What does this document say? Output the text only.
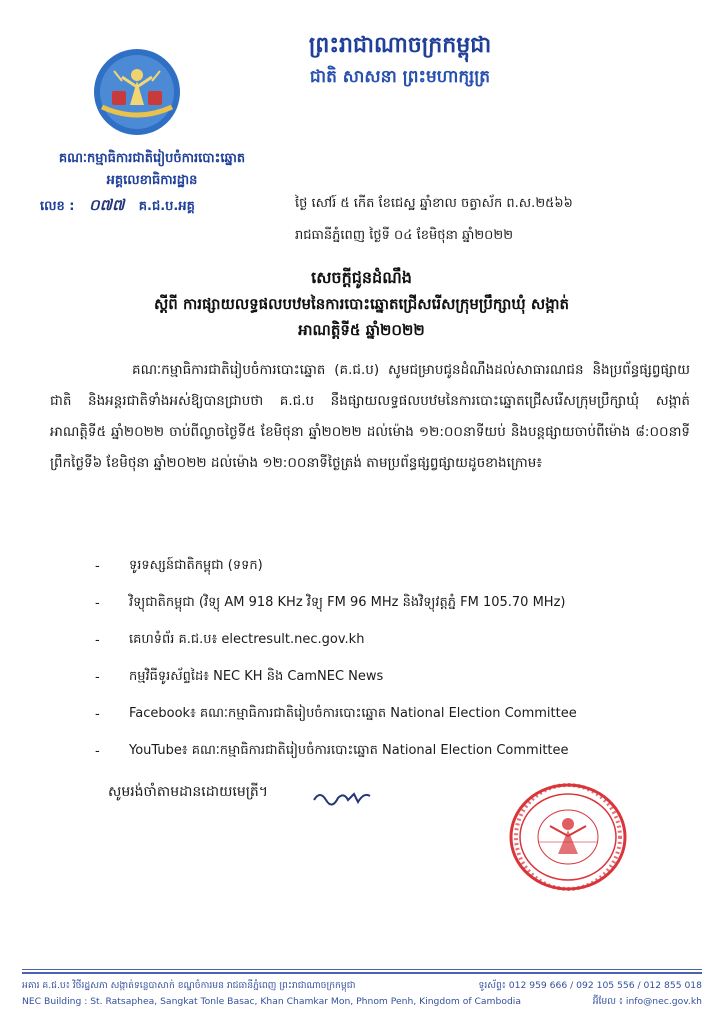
ព្រះរាជាណាចក្រកម្ពុជា
ជាតិ សាសនា ព្រះមហាក្សត្រ
គណៈកម្មាធិការជាតិរៀបចំការបោះឆ្នោត
អគ្គលេខាធិការដ្ឋាន
លេខ : ០៧៧ គ.ជ.ប.អគ្គ	ថ្ងៃ សៅរ៍ ៥ កើត ខែជេស្ឋ ឆ្នាំខាល ចត្វាស័ក ព.ស.២៥៦៦
រាជធានីភ្នំពេញ ថ្ងៃទី ០៤ ខែមិថុនា ឆ្នាំ២០២២
សេចក្តីជូនដំណឹង
ស្តីពី ការផ្សាយលទ្ធផលបឋមនៃការបោះឆ្នោតជ្រើសរើសក្រុមប្រឹក្សាឃុំ សង្កាត់
អាណត្តិទី៥ ឆ្នាំ២០២២
គណៈកម្មាធិការជាតិរៀបចំការបោះឆ្នោត (គ.ជ.ប) សូមជម្រាបជូនដំណឹងដល់សាធារណជន និងប្រព័ន្ធផ្សព្វផ្សាយជាតិ និងអន្តរជាតិទាំងអស់ឱ្យបានជ្រាបថា គ.ជ.ប នឹងផ្សាយលទ្ធផលបឋមនៃការបោះឆ្នោតជ្រើសរើសក្រុមប្រឹក្សាឃុំ សង្កាត់ អាណត្តិទី៥ ឆ្នាំ២០២២ ចាប់ពីល្ងាចថ្ងៃទី៥ ខែមិថុនា ឆ្នាំ២០២២ ដល់ម៉ោង ១២:០០នាទីយប់ និងបន្តផ្សាយចាប់ពីម៉ោង ៨:០០នាទីព្រឹកថ្ងៃទី៦ ខែមិថុនា ឆ្នាំ២០២២ ដល់ម៉ោង ១២:០០នាទីថ្ងៃត្រង់ តាមប្រព័ន្ធផ្សព្វផ្សាយដូចខាងក្រោម៖
-	ទូរទស្សន៍ជាតិកម្ពុជា (ទទក)
-	វិទ្យុជាតិកម្ពុជា (វិទ្យុ AM 918 KHz វិទ្យុ FM 96 MHz និងវិទ្យុវត្តភ្នំ FM 105.70 MHz)
-	គេហទំព័រ គ.ជ.ប៖ electresult.nec.gov.kh
-	កម្មវិធីទូរស័ព្ទដៃ៖ NEC KH និង CamNEC News
-	Facebook៖ គណៈកម្មាធិការជាតិរៀបចំការបោះឆ្នោត National Election Committee
-	YouTube៖ គណៈកម្មាធិការជាតិរៀបចំការបោះឆ្នោត National Election Committee
សូមរង់ចាំតាមដានដោយមេត្រី។
អគារ គ.ជ.ប៖ វិថីរដ្ឋសភា សង្កាត់ទន្លេបាសាក់ ខណ្ឌចំការមន រាជធានីភ្នំពេញ ព្រះរាជាណាចក្រកម្ពុជា	ទូរស័ព្ទ៖ 012 959 666 / 092 105 556 / 012 855 018
NEC Building : St. Ratsaphea, Sangkat Tonle Basac, Khan Chamkar Mon, Phnom Penh, Kingdom of Cambodia	អ៊ីមែល ៖ info@nec.gov.kh
